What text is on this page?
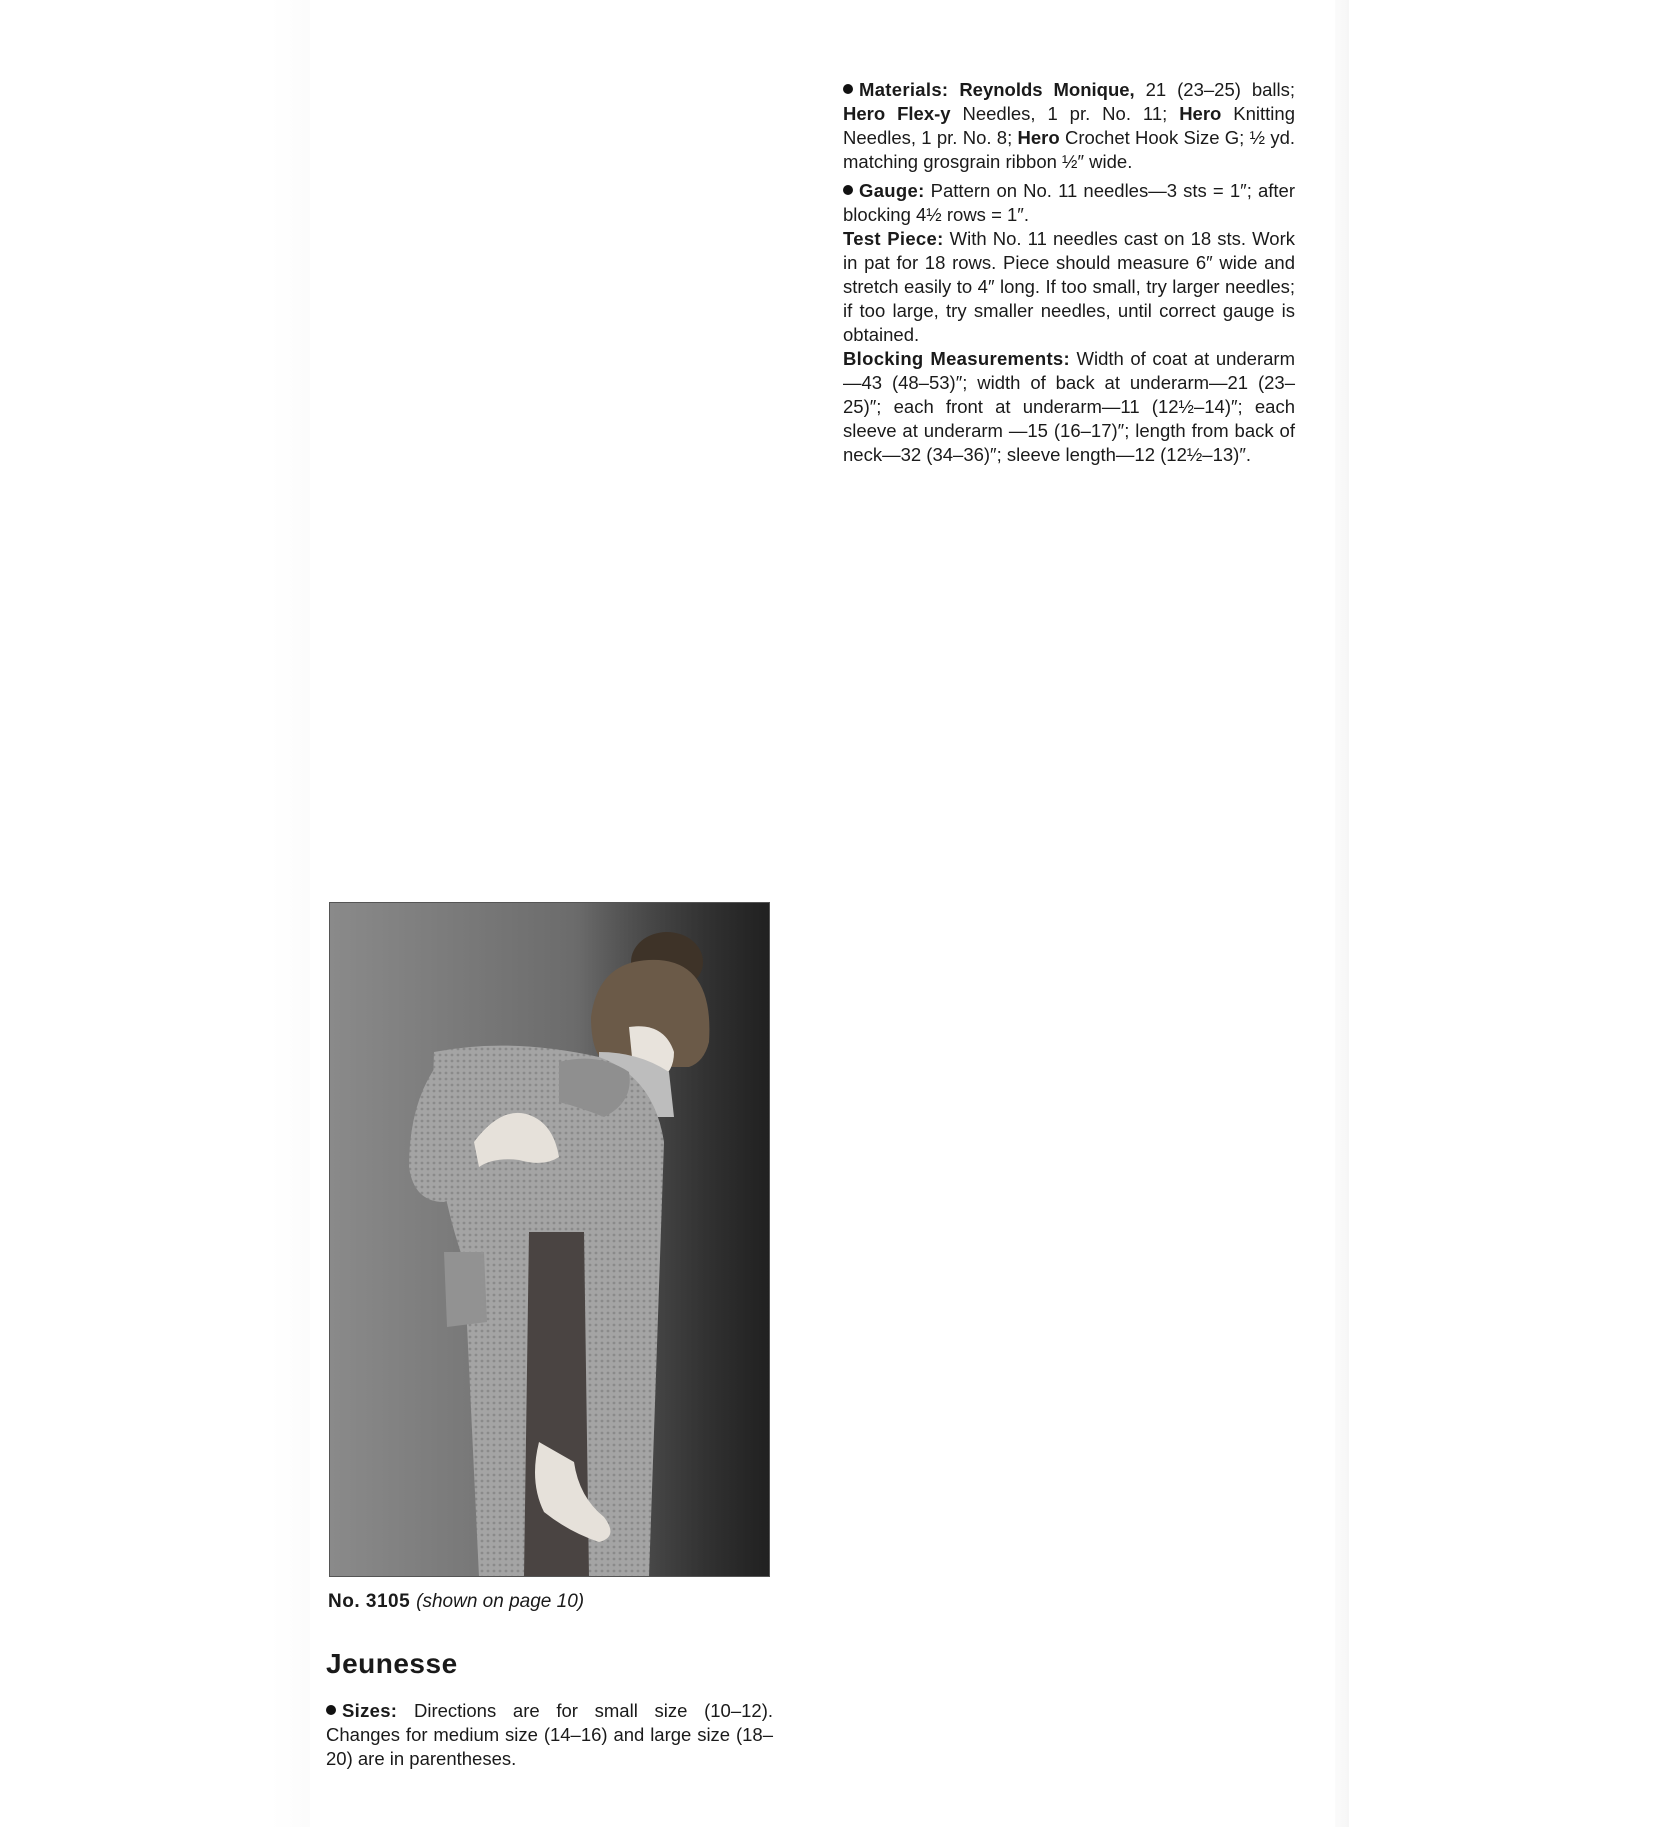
Materials: Reynolds Monique, 21 (23–25) balls; Hero Flex-y Needles, 1 pr. No. 11; Hero Knitting Needles, 1 pr. No. 8; Hero Crochet Hook Size G; ½ yd. matching grosgrain ribbon ½″ wide.

Gauge: Pattern on No. 11 needles—3 sts = 1″; after blocking 4½ rows = 1″.

Test Piece: With No. 11 needles cast on 18 sts. Work in pat for 18 rows. Piece should measure 6″ wide and stretch easily to 4″ long. If too small, try larger needles; if too large, try smaller needles, until correct gauge is obtained.

Blocking Measurements: Width of coat at underarm—43 (48–53)″; width of back at underarm—21 (23–25)″; each front at underarm—11 (12½–14)″; each sleeve at underarm —15 (16–17)″; length from back of neck—32 (34–36)″; sleeve length—12 (12½–13)″.

No. 3105 (shown on page 10)
Jeunesse

Sizes: Directions are for small size (10–12). Changes for medium size (14–16) and large size (18–20) are in parentheses.
